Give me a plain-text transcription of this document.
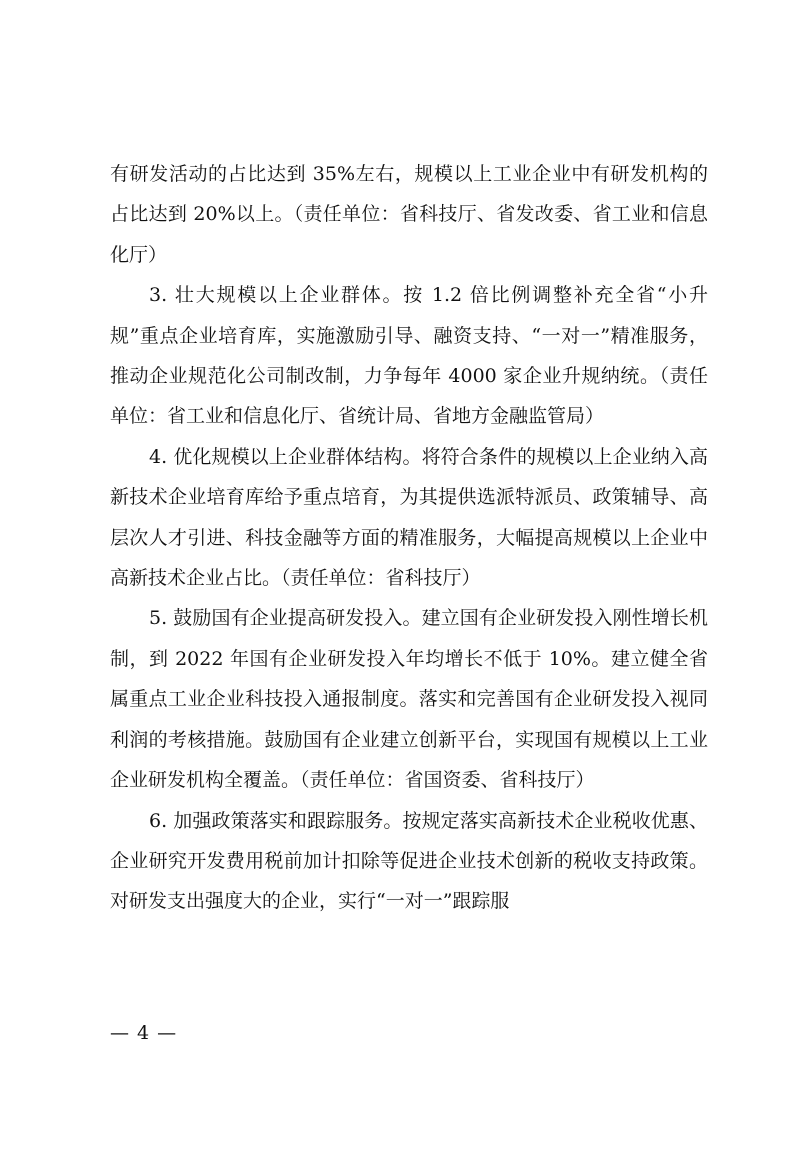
有研发活动的占比达到 35%左右，规模以上工业企业中有研发机构的占比达到 20%以上。（责任单位：省科技厅、省发改委、省工业和信息化厅）

3. 壮大规模以上企业群体。按 1.2 倍比例调整补充全省“小升规”重点企业培育库，实施激励引导、融资支持、“一对一”精准服务，推动企业规范化公司制改制，力争每年 4000 家企业升规纳统。（责任单位：省工业和信息化厅、省统计局、省地方金融监管局）

4. 优化规模以上企业群体结构。将符合条件的规模以上企业纳入高新技术企业培育库给予重点培育，为其提供选派特派员、政策辅导、高层次人才引进、科技金融等方面的精准服务，大幅提高规模以上企业中高新技术企业占比。（责任单位：省科技厅）

5. 鼓励国有企业提高研发投入。建立国有企业研发投入刚性增长机制，到 2022 年国有企业研发投入年均增长不低于 10%。建立健全省属重点工业企业科技投入通报制度。落实和完善国有企业研发投入视同利润的考核措施。鼓励国有企业建立创新平台，实现国有规模以上工业企业研发机构全覆盖。（责任单位：省国资委、省科技厅）

6. 加强政策落实和跟踪服务。按规定落实高新技术企业税收优惠、企业研究开发费用税前加计扣除等促进企业技术创新的税收支持政策。对研发支出强度大的企业，实行“一对一”跟踪服

— 4 —
